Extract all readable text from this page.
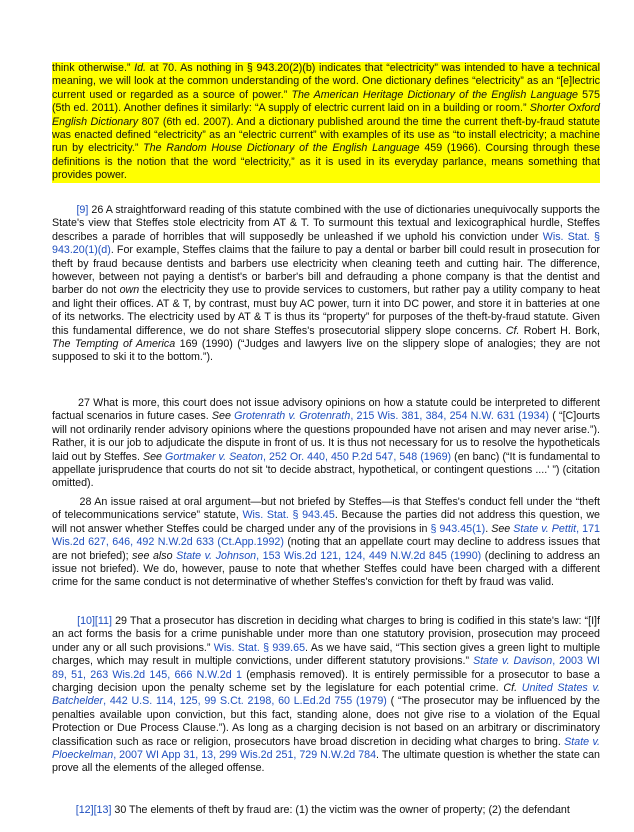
think otherwise.” Id. at 70. As nothing in § 943.20(2)(b) indicates that “electricity” was intended to have a technical meaning, we will look at the common understanding of the word. One dictionary defines “electricity” as an “[e]lectric current used or regarded as a source of power.” The American Heritage Dictionary of the English Language 575 (5th ed. 2011). Another defines it similarly: “A supply of electric current laid on in a building or room.” Shorter Oxford English Dictionary 807 (6th ed. 2007). And a dictionary published around the time the current theft-by-fraud statute was enacted defined “electricity” as an “electric current” with examples of its use as “to install electricity; a machine run by electricity.” The Random House Dictionary of the English Language 459 (1966). Coursing through these definitions is the notion that the word “electricity,” as it is used in its everyday parlance, means something that provides power.

[9] 26 A straightforward reading of this statute combined with the use of dictionaries unequivocally supports the State's view that Steffes stole electricity from AT & T. To surmount this textual and lexicographical hurdle, Steffes describes a parade of horribles that will supposedly be unleashed if we uphold his conviction under Wis. Stat. § 943.20(1)(d). For example, Steffes claims that the failure to pay a dental or barber bill could result in prosecution for theft by fraud because dentists and barbers use electricity when cleaning teeth and cutting hair. The difference, however, between not paying a dentist's or barber's bill and defrauding a phone company is that the dentist and barber do not own the electricity they use to provide services to customers, but rather pay a utility company to heat and light their offices. AT & T, by contrast, must buy AC power, turn it into DC power, and store it in batteries at one of its networks. The electricity used by AT & T is thus its “property” for purposes of the theft-by-fraud statute. Given this fundamental difference, we do not share Steffes's prosecutorial slippery slope concerns. Cf. Robert H. Bork, The Tempting of America 169 (1990) (“Judges and lawyers live on the slippery slope of analogies; they are not supposed to ski it to the bottom.”).

27 What is more, this court does not issue advisory opinions on how a statute could be interpreted to different factual scenarios in future cases. See Grotenrath v. Grotenrath, 215 Wis. 381, 384, 254 N.W. 631 (1934) ( “[C]ourts will not ordinarily render advisory opinions where the questions propounded have not arisen and may never arise.”). Rather, it is our job to adjudicate the dispute in front of us. It is thus not necessary for us to resolve the hypotheticals laid out by Steffes. See Gortmaker v. Seaton, 252 Or. 440, 450 P.2d 547, 548 (1969) (en banc) (“It is fundamental to appellate jurisprudence that courts do not sit 'to decide abstract, hypothetical, or contingent questions ....' ”) (citation omitted).

28 An issue raised at oral argument—but not briefed by Steffes—is that Steffes's conduct fell under the “theft of telecommunications service” statute, Wis. Stat. § 943.45. Because the parties did not address this question, we will not answer whether Steffes could be charged under any of the provisions in § 943.45(1). See State v. Pettit, 171 Wis.2d 627, 646, 492 N.W.2d 633 (Ct.App.1992) (noting that an appellate court may decline to address issues that are not briefed); see also State v. Johnson, 153 Wis.2d 121, 124, 449 N.W.2d 845 (1990) (declining to address an issue not briefed). We do, however, pause to note that whether Steffes could have been charged with a different crime for the same conduct is not determinative of whether Steffes's conviction for theft by fraud was valid.

[10][11] 29 That a prosecutor has discretion in deciding what charges to bring is codified in this state's law: “[I]f an act forms the basis for a crime punishable under more than one statutory provision, prosecution may proceed under any or all such provisions.” Wis. Stat. § 939.65. As we have said, “This section gives a green light to multiple charges, which may result in multiple convictions, under different statutory provisions.” State v. Davison, 2003 WI 89, 51, 263 Wis.2d 145, 666 N.W.2d 1 (emphasis removed). It is entirely permissible for a prosecutor to base a charging decision upon the penalty scheme set by the legislature for each potential crime. Cf. United States v. Batchelder, 442 U.S. 114, 125, 99 S.Ct. 2198, 60 L.Ed.2d 755 (1979) ( “The prosecutor may be influenced by the penalties available upon conviction, but this fact, standing alone, does not give rise to a violation of the Equal Protection or Due Process Clause.”). As long as a charging decision is not based on an arbitrary or discriminatory classification such as race or religion, prosecutors have broad discretion in deciding what charges to bring. State v. Ploeckelman, 2007 WI App 31, 13, 299 Wis.2d 251, 729 N.W.2d 784. The ultimate question is whether the state can prove all the elements of the alleged offense.

[12][13] 30 The elements of theft by fraud are: (1) the victim was the owner of property; (2) the defendant
